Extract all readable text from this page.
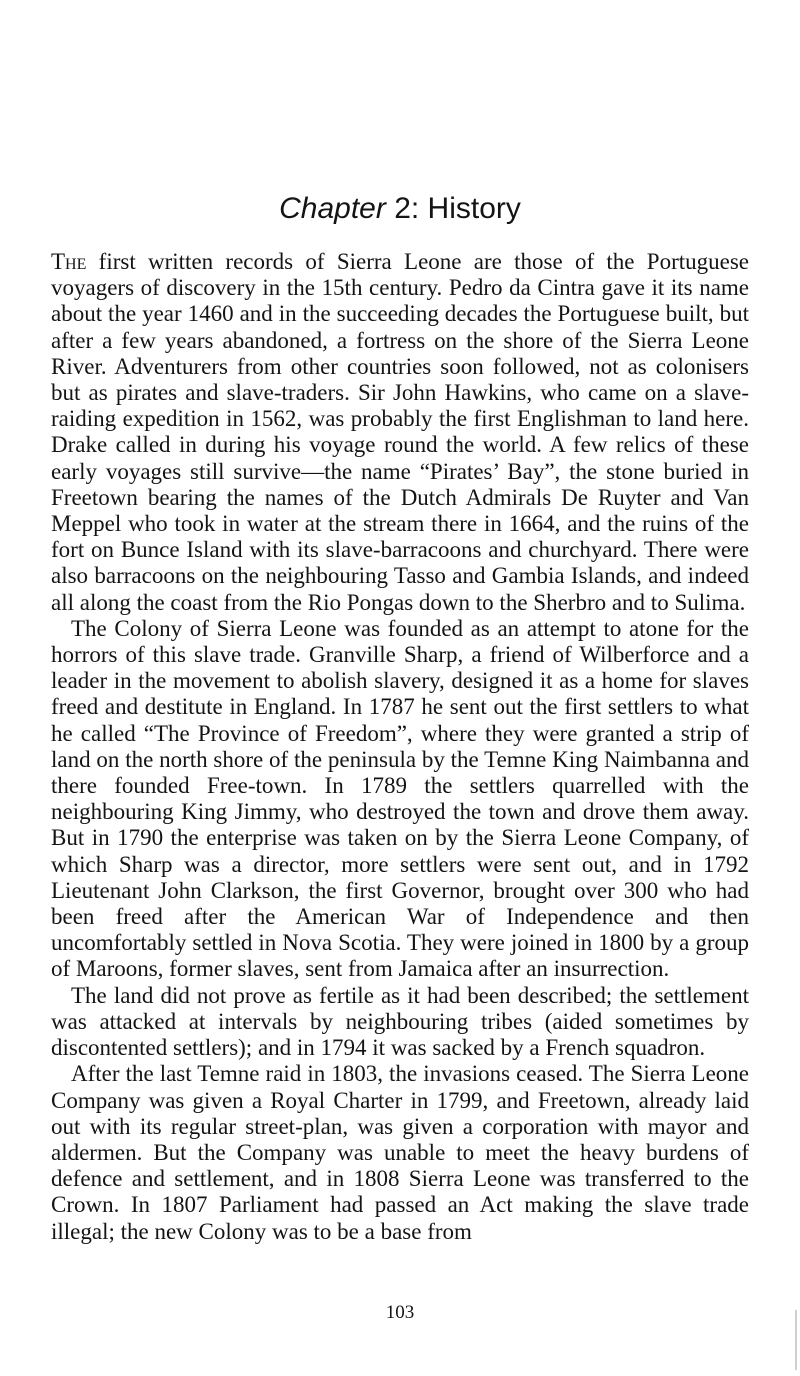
Chapter 2: History

The first written records of Sierra Leone are those of the Portuguese voyagers of discovery in the 15th century. Pedro da Cintra gave it its name about the year 1460 and in the succeeding decades the Portuguese built, but after a few years abandoned, a fortress on the shore of the Sierra Leone River. Adventurers from other countries soon followed, not as colonisers but as pirates and slave-traders. Sir John Hawkins, who came on a slave-raiding expedition in 1562, was probably the first Englishman to land here. Drake called in during his voyage round the world. A few relics of these early voyages still survive—the name “Pirates’ Bay”, the stone buried in Freetown bearing the names of the Dutch Admirals De Ruyter and Van Meppel who took in water at the stream there in 1664, and the ruins of the fort on Bunce Island with its slave-barracoons and churchyard. There were also barracoons on the neighbouring Tasso and Gambia Islands, and indeed all along the coast from the Rio Pongas down to the Sherbro and to Sulima.

The Colony of Sierra Leone was founded as an attempt to atone for the horrors of this slave trade. Granville Sharp, a friend of Wilberforce and a leader in the movement to abolish slavery, designed it as a home for slaves freed and destitute in England. In 1787 he sent out the first settlers to what he called “The Province of Freedom”, where they were granted a strip of land on the north shore of the peninsula by the Temne King Naimbanna and there founded Free-town. In 1789 the settlers quarrelled with the neighbouring King Jimmy, who destroyed the town and drove them away. But in 1790 the enterprise was taken on by the Sierra Leone Company, of which Sharp was a director, more settlers were sent out, and in 1792 Lieutenant John Clarkson, the first Governor, brought over 300 who had been freed after the American War of Independence and then uncomfortably settled in Nova Scotia. They were joined in 1800 by a group of Maroons, former slaves, sent from Jamaica after an insurrection.

The land did not prove as fertile as it had been described; the settlement was attacked at intervals by neighbouring tribes (aided sometimes by discontented settlers); and in 1794 it was sacked by a French squadron.

After the last Temne raid in 1803, the invasions ceased. The Sierra Leone Company was given a Royal Charter in 1799, and Freetown, already laid out with its regular street-plan, was given a corporation with mayor and aldermen. But the Company was unable to meet the heavy burdens of defence and settlement, and in 1808 Sierra Leone was transferred to the Crown. In 1807 Parliament had passed an Act making the slave trade illegal; the new Colony was to be a base from

103
